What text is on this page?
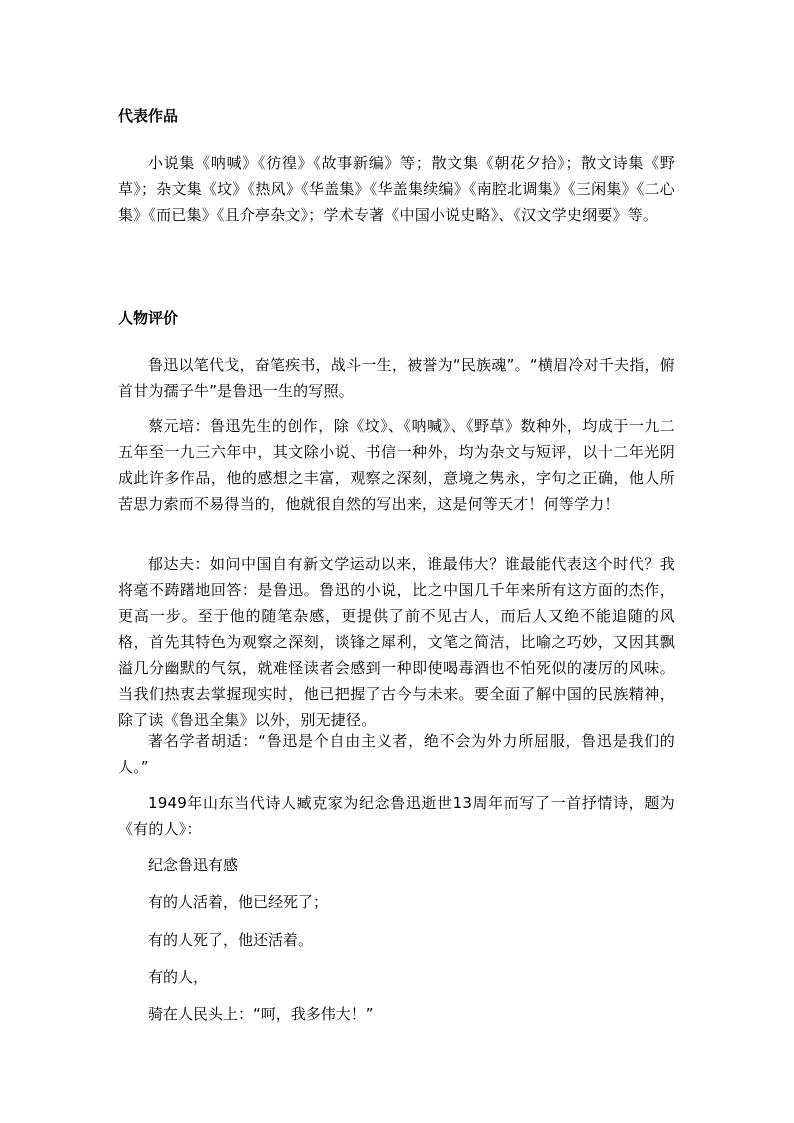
代表作品
小说集《呐喊》《彷徨》《故事新编》等；散文集《朝花夕拾》；散文诗集《野草》；杂文集《坟》《热风》《华盖集》《华盖集续编》《南腔北调集》《三闲集》《二心集》《而已集》《且介亭杂文》；学术专著《中国小说史略》、《汉文学史纲要》等。
人物评价
鲁迅以笔代戈，奋笔疾书，战斗一生，被誉为“民族魂”。“横眉冷对千夫指，俯首甘为孺子牛”是鲁迅一生的写照。
蔡元培：鲁迅先生的创作，除《坟》、《呐喊》、《野草》数种外，均成于一九二五年至一九三六年中，其文除小说、书信一种外，均为杂文与短评，以十二年光阴成此许多作品，他的感想之丰富，观察之深刻，意境之隽永，字句之正确，他人所苦思力索而不易得当的，他就很自然的写出来，这是何等天才！何等学力！
郁达夫：如问中国自有新文学运动以来，谁最伟大？谁最能代表这个时代？我将毫不踌躇地回答：是鲁迅。鲁迅的小说，比之中国几千年来所有这方面的杰作，更高一步。至于他的随笔杂感，更提供了前不见古人，而后人又绝不能追随的风格，首先其特色为观察之深刻，谈锋之犀利，文笔之简洁，比喻之巧妙，又因其飘溢几分幽默的气氛，就难怪读者会感到一种即使喝毒酒也不怕死似的凄厉的风味。当我们热衷去掌握现实时，他已把握了古今与未来。要全面了解中国的民族精神，除了读《鲁迅全集》以外，别无捷径。
著名学者胡适：“鲁迅是个自由主义者，绝不会为外力所屈服，鲁迅是我们的人。”
1949年山东当代诗人臧克家为纪念鲁迅逝世13周年而写了一首抒情诗，题为《有的人》：
纪念鲁迅有感
有的人活着，他已经死了；
有的人死了，他还活着。
有的人，
骑在人民头上：“呵，我多伟大！”
